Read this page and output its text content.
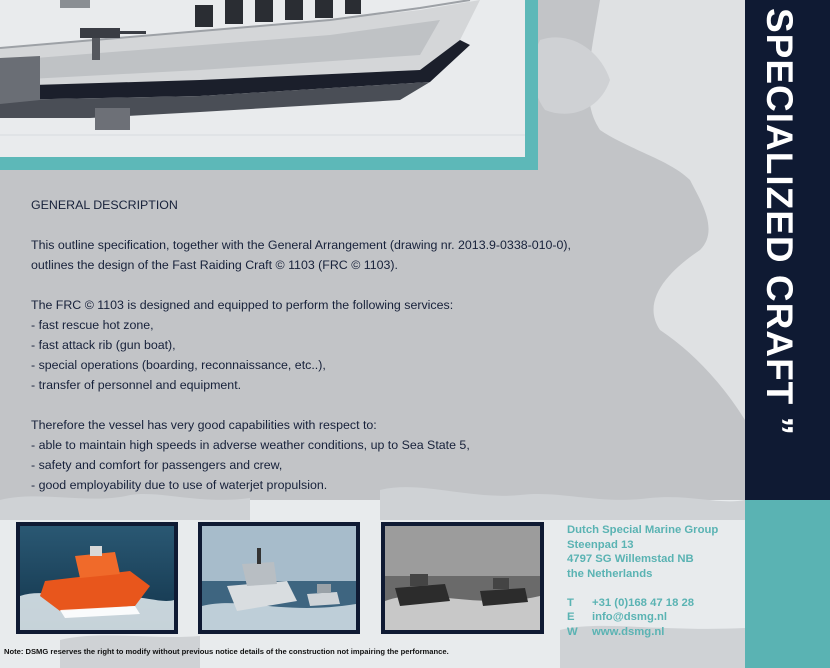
GENERAL DESCRIPTION

This outline specification, together with the General Arrangement (drawing nr. 2013.9-0338-010-0),

outlines the design of the Fast Raiding Craft © 1103 (FRC © 1103).

The FRC © 1103 is designed and equipped to perform the following services:

- fast rescue hot zone,

- fast attack rib (gun boat),

- special operations (boarding, reconnaissance, etc..),

- transfer of personnel and equipment.

Therefore the vessel has very good capabilities with respect to:

- able to maintain high speeds in adverse weather conditions, up to Sea State 5,

- safety and comfort for passengers and crew,

- good employability due to use of waterjet propulsion.

SPECIALIZED CRAFT ”
Dutch Special Marine Group
Steenpad 13
4797 SG Willemstad NB
the Netherlands
T	+31 (0)168 47 18 28
E	info@dsmg.nl
W	www.dsmg.nl
Note: DSMG reserves the right to modify without previous notice details of the construction not impairing the performance.
